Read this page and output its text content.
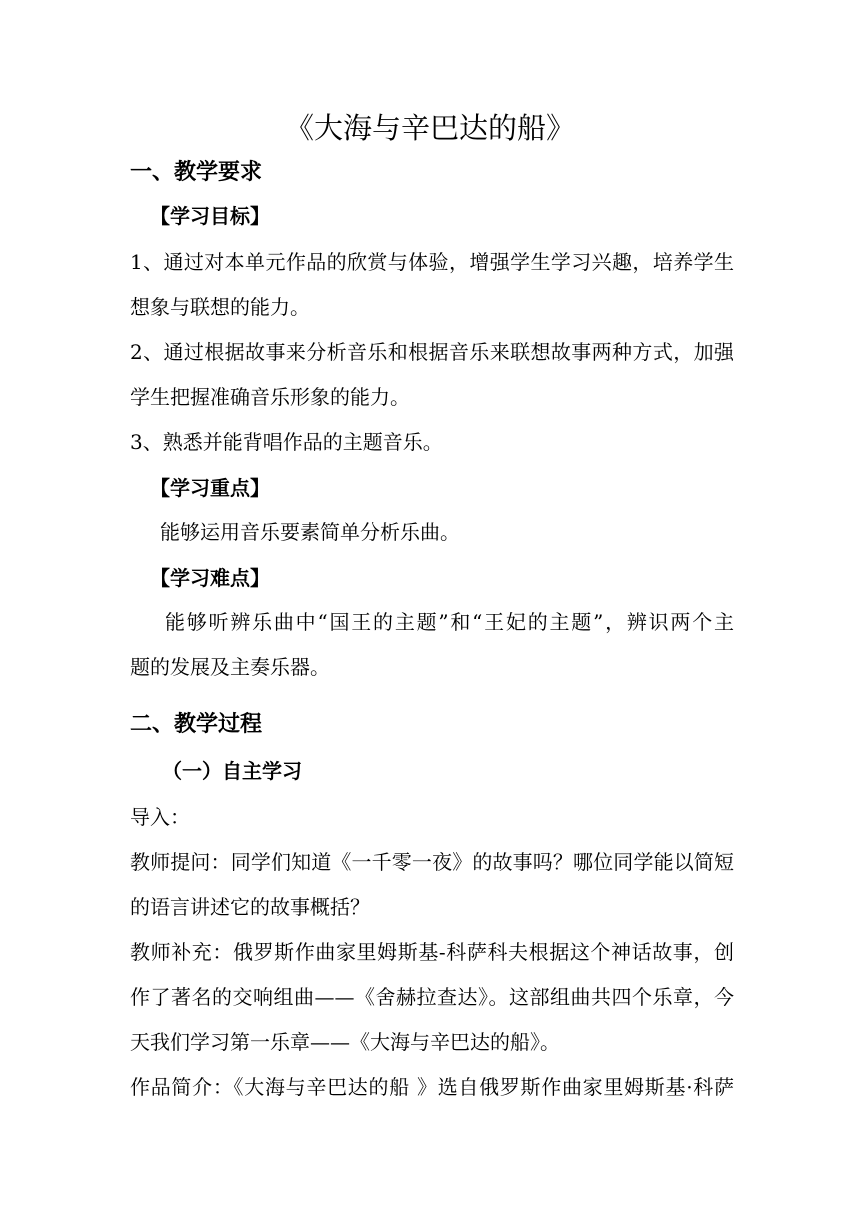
《大海与辛巴达的船》
一、教学要求
【学习目标】
1、通过对本单元作品的欣赏与体验，增强学生学习兴趣，培养学生
想象与联想的能力。
2、通过根据故事来分析音乐和根据音乐来联想故事两种方式，加强
学生把握准确音乐形象的能力。
3、熟悉并能背唱作品的主题音乐。
【学习重点】
能够运用音乐要素简单分析乐曲。
【学习难点】
能够听辨乐曲中“国王的主题”和“王妃的主题”，辨识两个主
题的发展及主奏乐器。
二、教学过程
（一）自主学习
导入：
教师提问：同学们知道《一千零一夜》的故事吗？哪位同学能以简短
的语言讲述它的故事概括？
教师补充：俄罗斯作曲家里姆斯基-科萨科夫根据这个神话故事，创
作了著名的交响组曲——《舍赫拉查达》。这部组曲共四个乐章，今
天我们学习第一乐章——《大海与辛巴达的船》。
作品简介：《大海与辛巴达的船 》选自俄罗斯作曲家里姆斯基·科萨
